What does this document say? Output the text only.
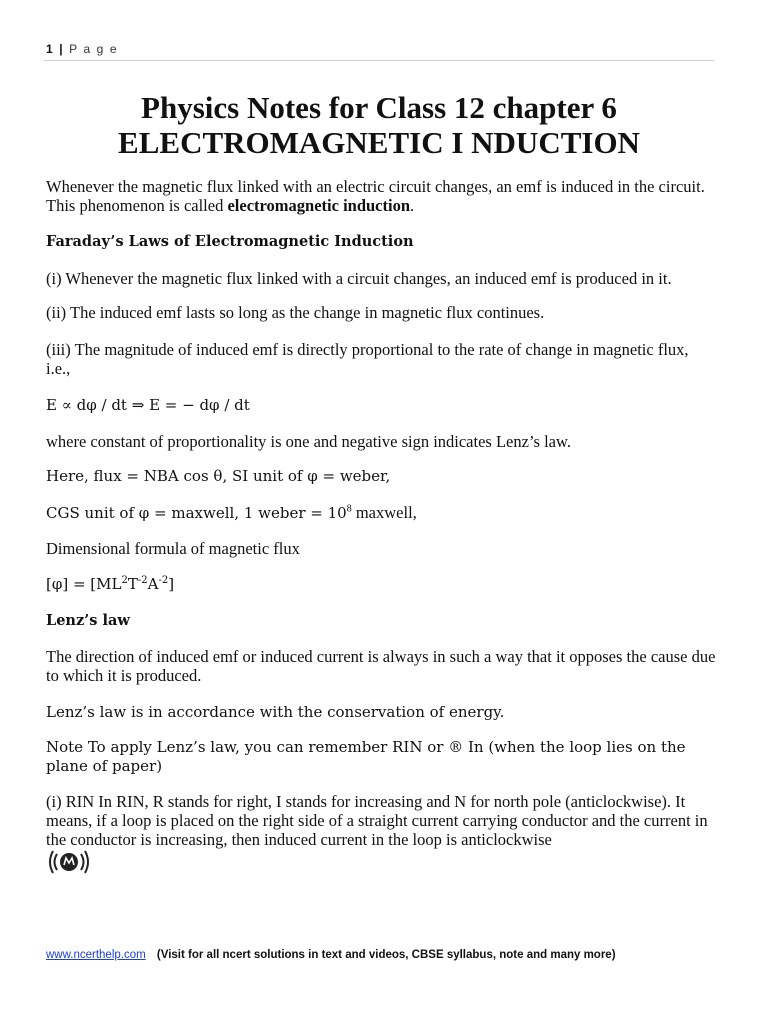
1 | P a g e
Physics Notes for Class 12 chapter 6
ELECTROMAGNETIC I NDUCTION
Whenever the magnetic flux linked with an electric circuit changes, an emf is induced in the circuit. This phenomenon is called electromagnetic induction.
Faraday’s Laws of Electromagnetic Induction
(i) Whenever the magnetic flux linked with a circuit changes, an induced emf is produced in it.
(ii) The induced emf lasts so long as the change in magnetic flux continues.
(iii) The magnitude of induced emf is directly proportional to the rate of change in magnetic flux, i.e.,
E ∝ dφ / dt ⇒ E = − dφ / dt
where constant of proportionality is one and negative sign indicates Lenz’s law.
Here, flux = NBA cos θ, SI unit of φ = weber,
CGS unit of φ = maxwell, 1 weber = $10^8$ maxwell,
Dimensional formula of magnetic flux
$[\varphi] = [ML^2T^{-2}A^{-2}]$
Lenz’s law
The direction of induced emf or induced current is always in such a way that it opposes the cause due to which it is produced.
Lenz’s law is in accordance with the conservation of energy.
Note To apply Lenz’s law, you can remember RIN or ® In (when the loop lies on the plane of paper)
(i) RIN In RIN, R stands for right, I stands for increasing and N for north pole (anticlockwise). It means, if a loop is placed on the right side of a straight current carrying conductor and the current in the conductor is increasing, then induced current in the loop is anticlockwise
www.ncerthelp.com (Visit for all ncert solutions in text and videos, CBSE syllabus, note and many more)
